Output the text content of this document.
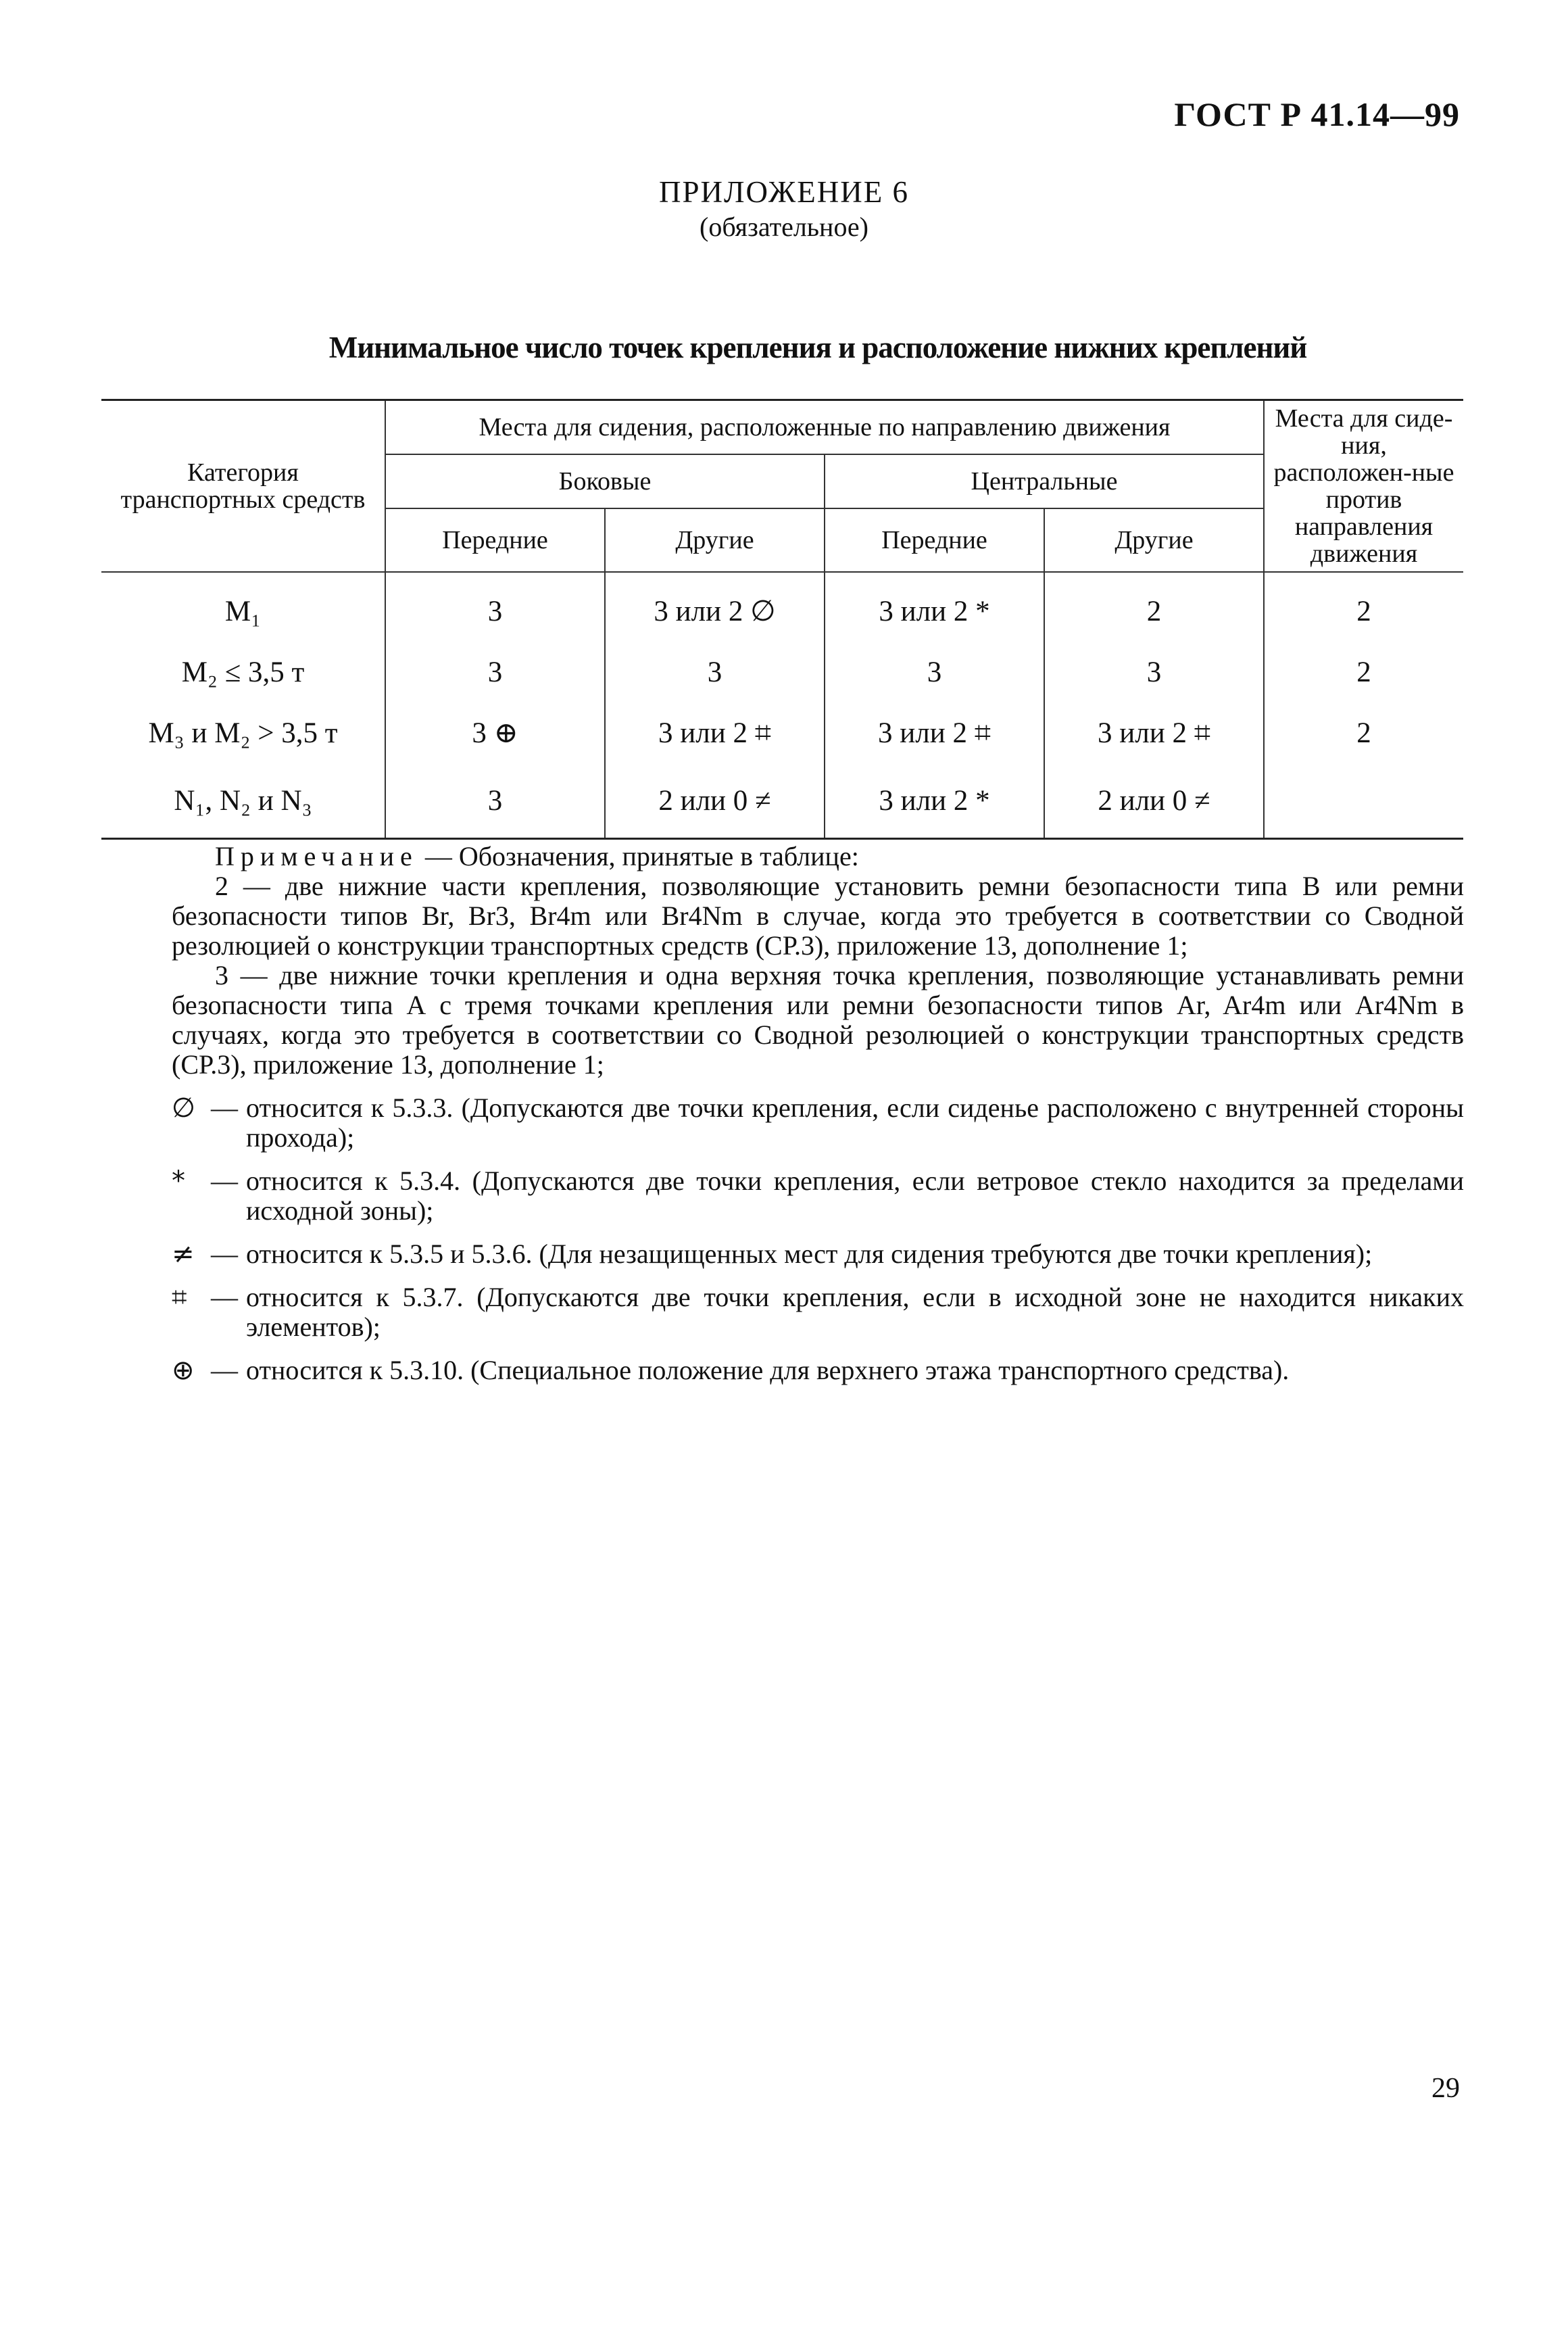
ГОСТ Р 41.14—99
ПРИЛОЖЕНИЕ 6
(обязательное)
Минимальное число точек крепления и расположение нижних креплений
Категория транспортных средств	Места для сидения, расположенные по направлению движения				Места для сиде-ния, расположен-ные против направления движения
	Боковые		Центральные		
	Передние	Другие	Передние	Другие	
M₁	3	3 или 2 ∅	3 или 2 *	2	2
M₂ ≤ 3,5 т	3	3	3	3	2
M₃ и M₂ > 3,5 т	3 ⊕	3 или 2 ⌗	3 или 2 ⌗	3 или 2 ⌗	2
N₁, N₂ и N₃	3	2 или 0 ≠	3 или 2 *	2 или 0 ≠	

Примечание — Обозначения, принятые в таблице:

2 — две нижние части крепления, позволяющие установить ремни безопасности типа В или ремни безопасности типов Br, Br3, Br4m или Br4Nm в случае, когда это требуется в соответствии со Сводной резолюцией о конструкции транспортных средств (СР.3), приложение 13, дополнение 1;

3 — две нижние точки крепления и одна верхняя точка крепления, позволяющие устанавливать ремни безопасности типа А с тремя точками крепления или ремни безопасности типов Ar, Ar4m или Ar4Nm в случаях, когда это требуется в соответствии со Сводной резолюцией о конструкции транспортных средств (СР.3), приложение 13, дополнение 1;

∅ — относится к 5.3.3. (Допускаются две точки крепления, если сиденье расположено с внутренней стороны прохода);
* — относится к 5.3.4. (Допускаются две точки крепления, если ветровое стекло находится за пределами исходной зоны);
≠ — относится к 5.3.5 и 5.3.6. (Для незащищенных мест для сидения требуются две точки крепления);
⌗ — относится к 5.3.7. (Допускаются две точки крепления, если в исходной зоне не находится никаких элементов);
⊕ — относится к 5.3.10. (Специальное положение для верхнего этажа транспортного средства).
29
